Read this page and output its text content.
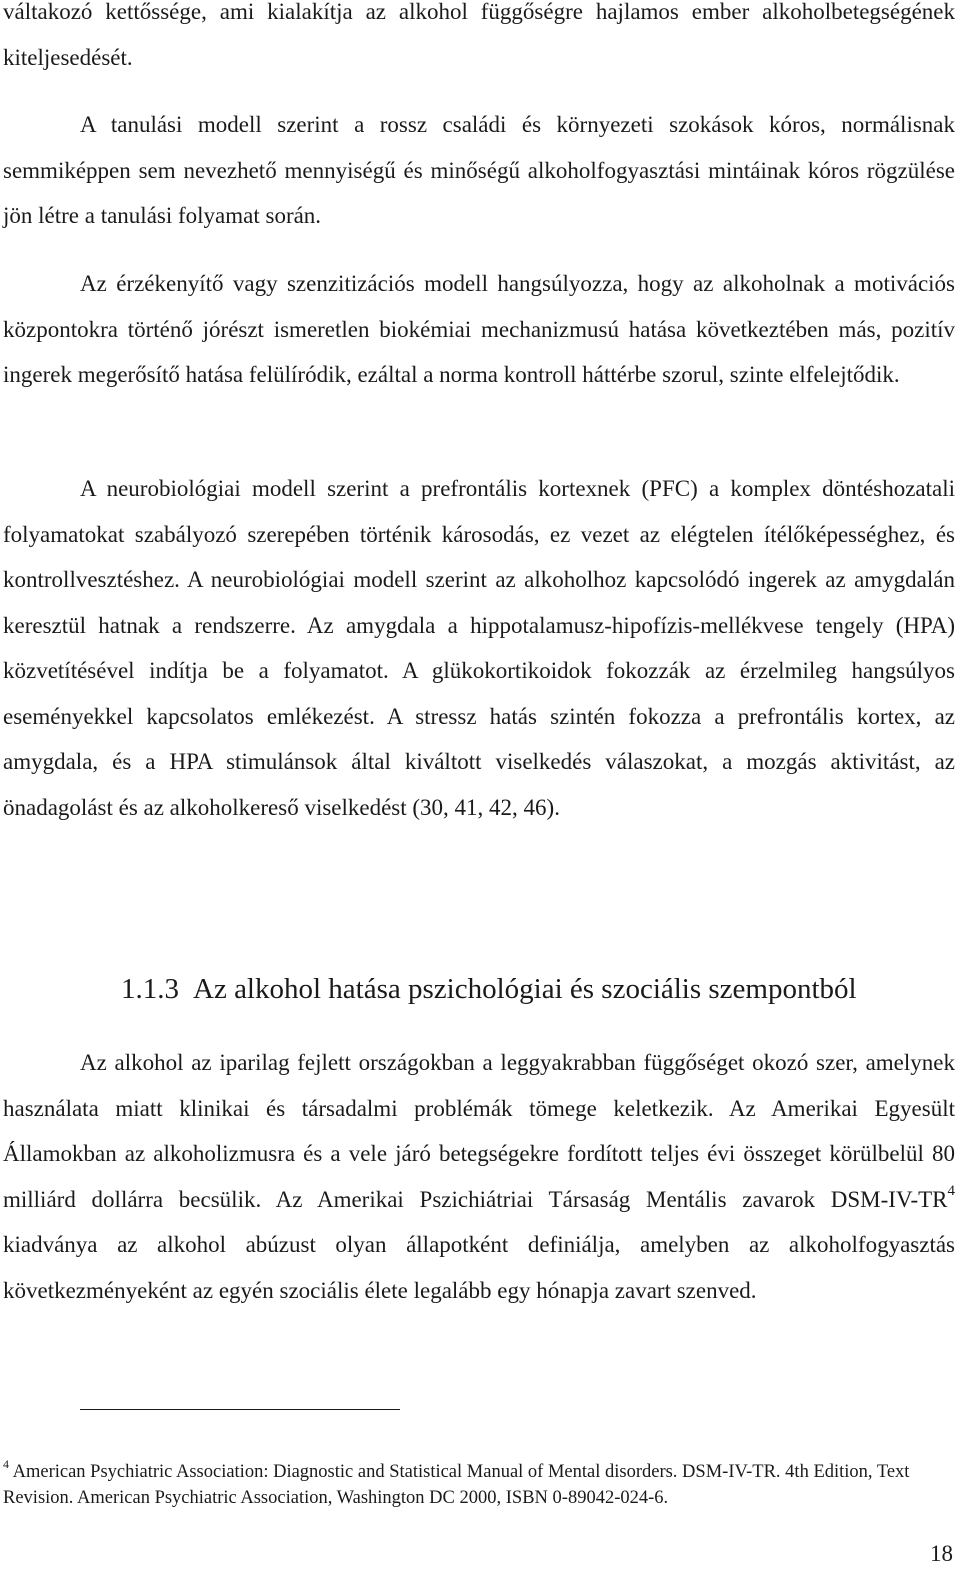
váltakozó kettőssége, ami kialakítja az alkohol függőségre hajlamos ember alkoholbetegségének kiteljesedését.

A tanulási modell szerint a rossz családi és környezeti szokások kóros, normálisnak semmiképpen sem nevezhető mennyiségű és minőségű alkoholfogyasztási mintáinak kóros rögzülése jön létre a tanulási folyamat során.

Az érzékenyítő vagy szenzitizációs modell hangsúlyozza, hogy az alkoholnak a motivációs központokra történő jórészt ismeretlen biokémiai mechanizmusú hatása következtében más, pozitív ingerek megerősítő hatása felülíródik, ezáltal a norma kontroll háttérbe szorul, szinte elfelejtődik.

A neurobiológiai modell szerint a prefrontális kortexnek (PFC) a komplex döntéshozatali folyamatokat szabályozó szerepében történik károsodás, ez vezet az elégtelen ítélőképességhez, és kontrollvesztéshez. A neurobiológiai modell szerint az alkoholhoz kapcsolódó ingerek az amygdalán keresztül hatnak a rendszerre. Az amygdala a hippotalamusz-hipofízis-mellékvese tengely (HPA) közvetítésével indítja be a folyamatot. A glükokortikoidok fokozzák az érzelmileg hangsúlyos eseményekkel kapcsolatos emlékezést. A stressz hatás szintén fokozza a prefrontális kortex, az amygdala, és a HPA stimulánsok által kiváltott viselkedés válaszokat, a mozgás aktivitást, az önadagolást és az alkoholkereső viselkedést (30, 41, 42, 46).

1.1.3 Az alkohol hatása pszichológiai és szociális szempontból

Az alkohol az iparilag fejlett országokban a leggyakrabban függőséget okozó szer, amelynek használata miatt klinikai és társadalmi problémák tömege keletkezik. Az Amerikai Egyesült Államokban az alkoholizmusra és a vele járó betegségekre fordított teljes évi összeget körülbelül 80 milliárd dollárra becsülik. Az Amerikai Pszichiátriai Társaság Mentális zavarok DSM-IV-TR$^4$ kiadványa az alkohol abúzust olyan állapotként definiálja, amelyben az alkoholfogyasztás következményeként az egyén szociális élete legalább egy hónapja zavart szenved.

$^4$ American Psychiatric Association: Diagnostic and Statistical Manual of Mental disorders. DSM-IV-TR. 4th Edition, Text Revision. American Psychiatric Association, Washington DC 2000, ISBN 0-89042-024-6.

18
